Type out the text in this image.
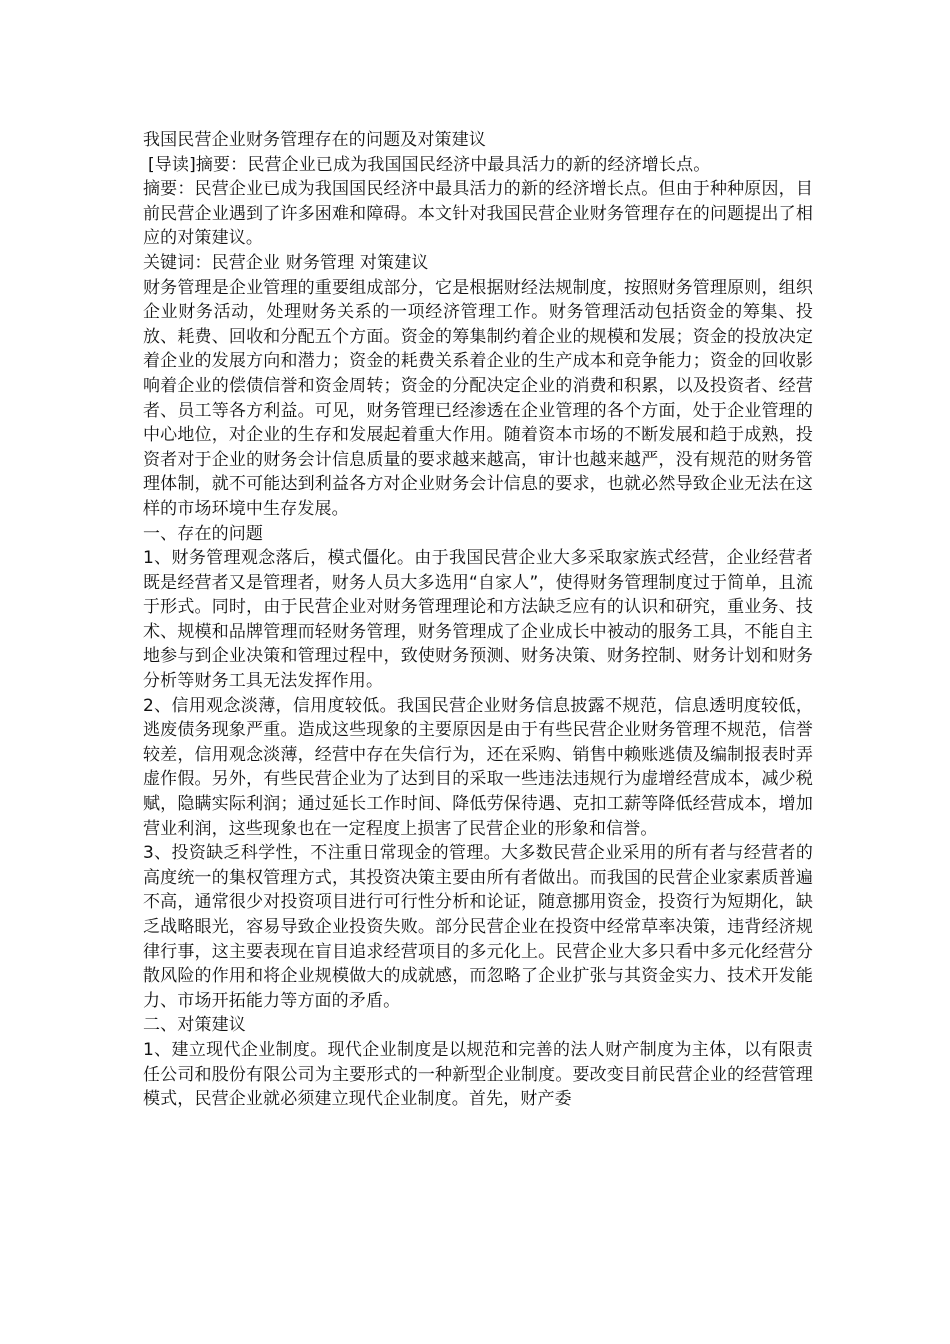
我国民营企业财务管理存在的问题及对策建议
[导读]摘要：民营企业已成为我国国民经济中最具活力的新的经济增长点。

摘要：民营企业已成为我国国民经济中最具活力的新的经济增长点。但由于种种原因，目前民营企业遇到了许多困难和障碍。本文针对我国民营企业财务管理存在的问题提出了相应的对策建议。

关键词：民营企业 财务管理 对策建议

财务管理是企业管理的重要组成部分，它是根据财经法规制度，按照财务管理原则，组织企业财务活动，处理财务关系的一项经济管理工作。财务管理活动包括资金的筹集、投放、耗费、回收和分配五个方面。资金的筹集制约着企业的规模和发展；资金的投放决定着企业的发展方向和潜力；资金的耗费关系着企业的生产成本和竞争能力；资金的回收影响着企业的偿债信誉和资金周转；资金的分配决定企业的消费和积累，以及投资者、经营者、员工等各方利益。可见，财务管理已经渗透在企业管理的各个方面，处于企业管理的中心地位，对企业的生存和发展起着重大作用。随着资本市场的不断发展和趋于成熟，投资者对于企业的财务会计信息质量的要求越来越高，审计也越来越严，没有规范的财务管理体制，就不可能达到利益各方对企业财务会计信息的要求，也就必然导致企业无法在这样的市场环境中生存发展。

一、存在的问题

1、财务管理观念落后，模式僵化。由于我国民营企业大多采取家族式经营，企业经营者既是经营者又是管理者，财务人员大多选用“自家人”，使得财务管理制度过于简单，且流于形式。同时，由于民营企业对财务管理理论和方法缺乏应有的认识和研究，重业务、技术、规模和品牌管理而轻财务管理，财务管理成了企业成长中被动的服务工具，不能自主地参与到企业决策和管理过程中，致使财务预测、财务决策、财务控制、财务计划和财务分析等财务工具无法发挥作用。

2、信用观念淡薄，信用度较低。我国民营企业财务信息披露不规范，信息透明度较低，逃废债务现象严重。造成这些现象的主要原因是由于有些民营企业财务管理不规范，信誉较差，信用观念淡薄，经营中存在失信行为，还在采购、销售中赖账逃债及编制报表时弄虚作假。另外，有些民营企业为了达到目的采取一些违法违规行为虚增经营成本，减少税赋，隐瞒实际利润；通过延长工作时间、降低劳保待遇、克扣工薪等降低经营成本，增加营业利润，这些现象也在一定程度上损害了民营企业的形象和信誉。

3、投资缺乏科学性，不注重日常现金的管理。大多数民营企业采用的所有者与经营者的高度统一的集权管理方式，其投资决策主要由所有者做出。而我国的民营企业家素质普遍不高，通常很少对投资项目进行可行性分析和论证，随意挪用资金，投资行为短期化，缺乏战略眼光，容易导致企业投资失败。部分民营企业在投资中经常草率决策，违背经济规律行事，这主要表现在盲目追求经营项目的多元化上。民营企业大多只看中多元化经营分散风险的作用和将企业规模做大的成就感，而忽略了企业扩张与其资金实力、技术开发能力、市场开拓能力等方面的矛盾。

二、对策建议

1、建立现代企业制度。现代企业制度是以规范和完善的法人财产制度为主体，以有限责任公司和股份有限公司为主要形式的一种新型企业制度。要改变目前民营企业的经营管理模式，民营企业就必须建立现代企业制度。首先，财产委
